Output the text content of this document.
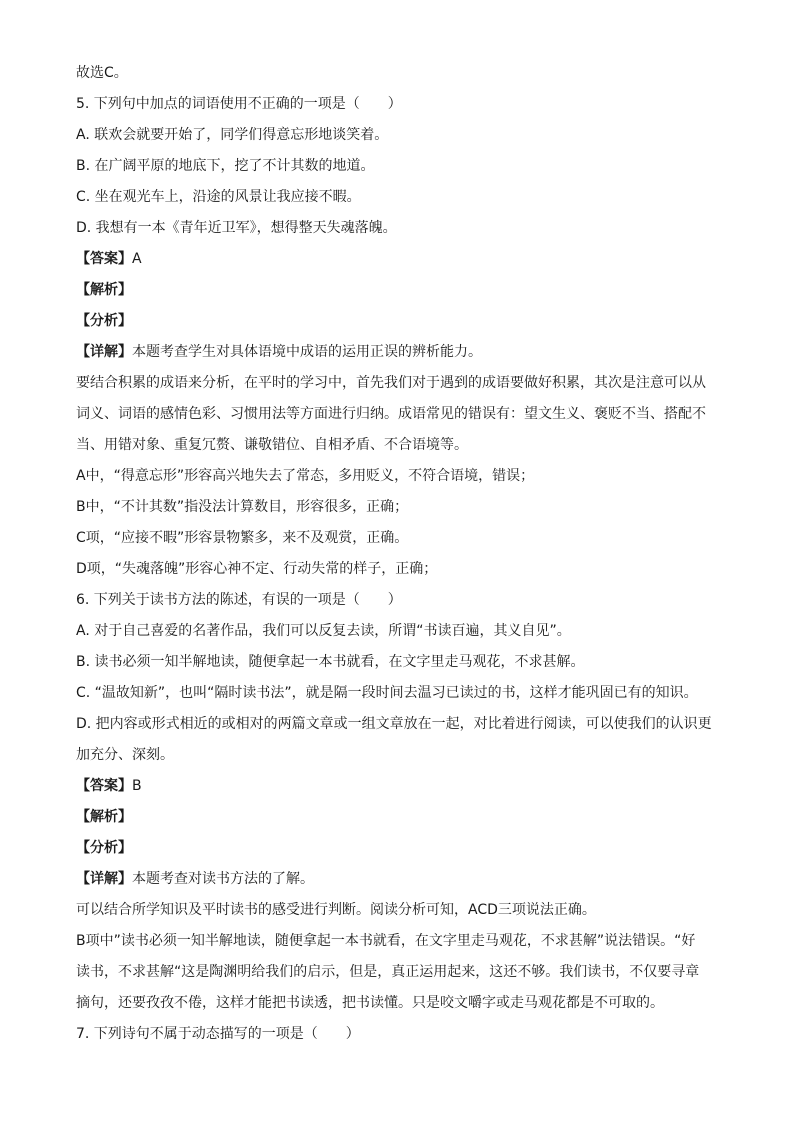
故选C。
5. 下列句中加点的词语使用不正确的一项是（　　）
A. 联欢会就要开始了，同学们得意忘形地谈笑着。
B. 在广阔平原的地底下，挖了不计其数的地道。
C. 坐在观光车上，沿途的风景让我应接不暇。
D. 我想有一本《青年近卫军》，想得整天失魂落魄。
【答案】A
【解析】
【分析】
【详解】本题考查学生对具体语境中成语的运用正误的辨析能力。
要结合积累的成语来分析，在平时的学习中，首先我们对于遇到的成语要做好积累，其次是注意可以从
词义、词语的感情色彩、习惯用法等方面进行归纳。成语常见的错误有：望文生义、褒贬不当、搭配不
当、用错对象、重复冗赘、谦敬错位、自相矛盾、不合语境等。
A中，“得意忘形”形容高兴地失去了常态，多用贬义，不符合语境，错误；
B中，“不计其数”指没法计算数目，形容很多，正确；
C项，“应接不暇”形容景物繁多，来不及观赏，正确。
D项，“失魂落魄”形容心神不定、行动失常的样子，正确；
6. 下列关于读书方法的陈述，有误的一项是（　　）
A. 对于自己喜爱的名著作品，我们可以反复去读，所谓“书读百遍，其义自见”。
B. 读书必须一知半解地读，随便拿起一本书就看，在文字里走马观花，不求甚解。
C. “温故知新”，也叫“隔时读书法”，就是隔一段时间去温习已读过的书，这样才能巩固已有的知识。
D. 把内容或形式相近的或相对的两篇文章或一组文章放在一起，对比着进行阅读，可以使我们的认识更
加充分、深刻。
【答案】B
【解析】
【分析】
【详解】本题考查对读书方法的了解。
可以结合所学知识及平时读书的感受进行判断。阅读分析可知，ACD三项说法正确。
B项中”读书必须一知半解地读，随便拿起一本书就看，在文字里走马观花，不求甚解”说法错误。“好
读书，不求甚解“这是陶渊明给我们的启示，但是，真正运用起来，这还不够。我们读书，不仅要寻章
摘句，还要孜孜不倦，这样才能把书读透，把书读懂。只是咬文嚼字或走马观花都是不可取的。
7. 下列诗句不属于动态描写的一项是（　　）
